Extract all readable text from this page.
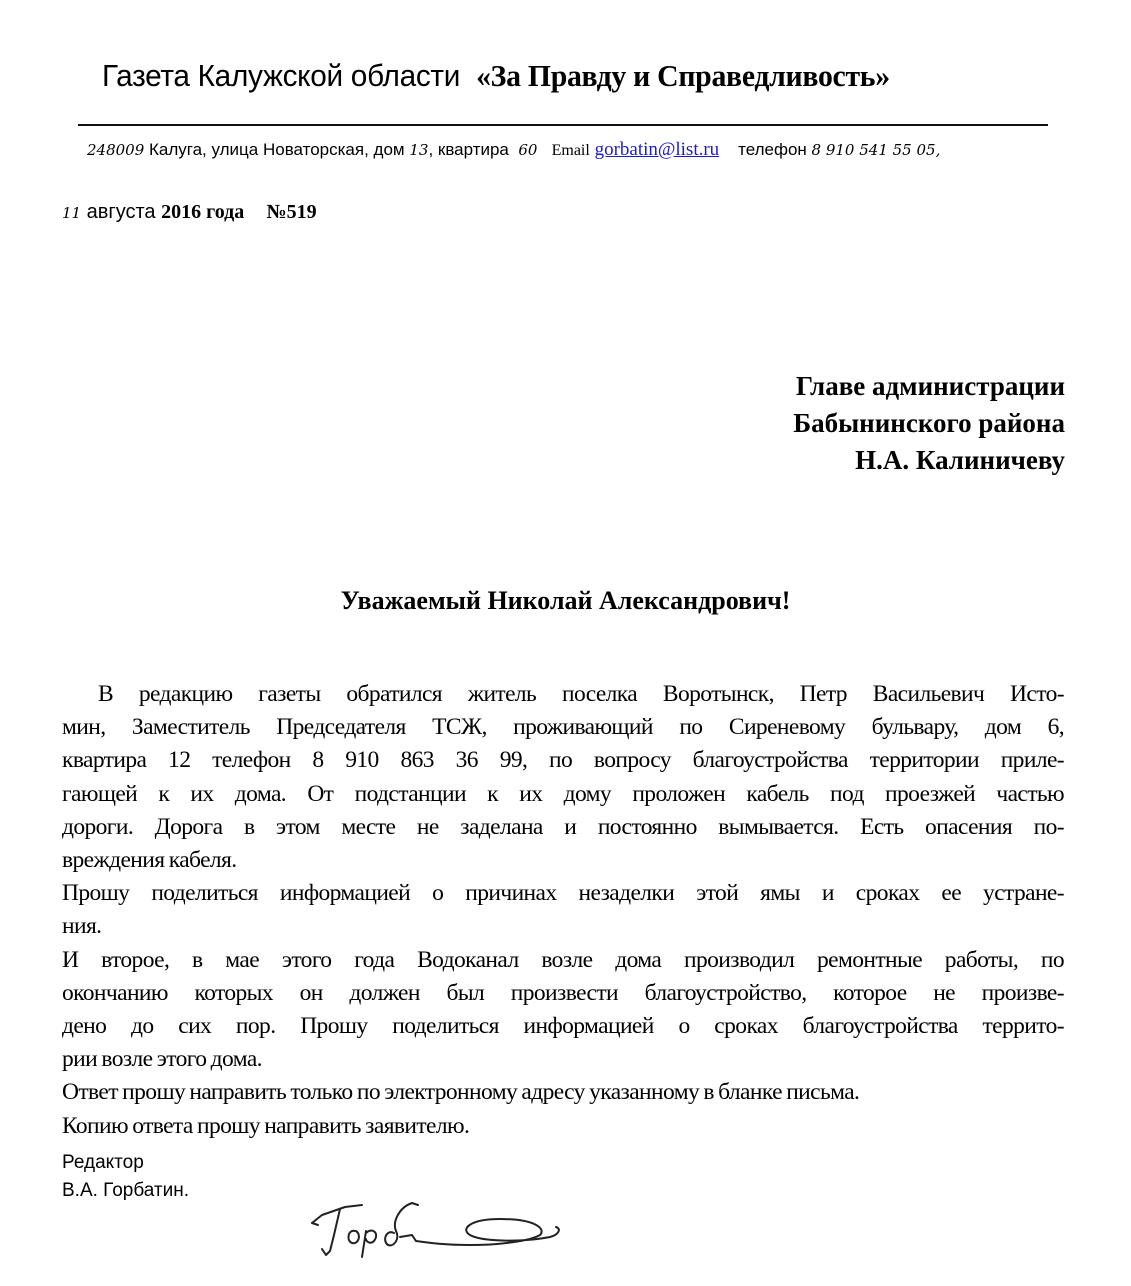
Газета Калужской области «За Правду и Справедливость»
248009 Калуга, улица Новаторская, дом 13, квартира 60 Email gorbatin@list.ru телефон 8 910 541 55 05,
11 августа 2016 года №519
Главе администрации
Бабынинского района
Н.А. Калиничеву
Уважаемый Николай Александрович!
В редакцию газеты обратился житель поселка Воротынск, Петр Васильевич Исто-
мин, Заместитель Председателя ТСЖ, проживающий по Сиреневому бульвару, дом 6,
квартира 12 телефон 8 910 863 36 99, по вопросу благоустройства территории приле-
гающей к их дома. От подстанции к их дому проложен кабель под проезжей частью
дороги. Дорога в этом месте не заделана и постоянно вымывается. Есть опасения по-
вреждения кабеля.
Прошу поделиться информацией о причинах незаделки этой ямы и сроках ее устране-
ния.
И второе, в мае этого года Водоканал возле дома производил ремонтные работы, по
окончанию которых он должен был произвести благоустройство, которое не произве-
дено до сих пор. Прошу поделиться информацией о сроках благоустройства террито-
рии возле этого дома.
Ответ прошу направить только по электронному адресу указанному в бланке письма.
Копию ответа прошу направить заявителю.
Редактор
В.А. Горбатин.
